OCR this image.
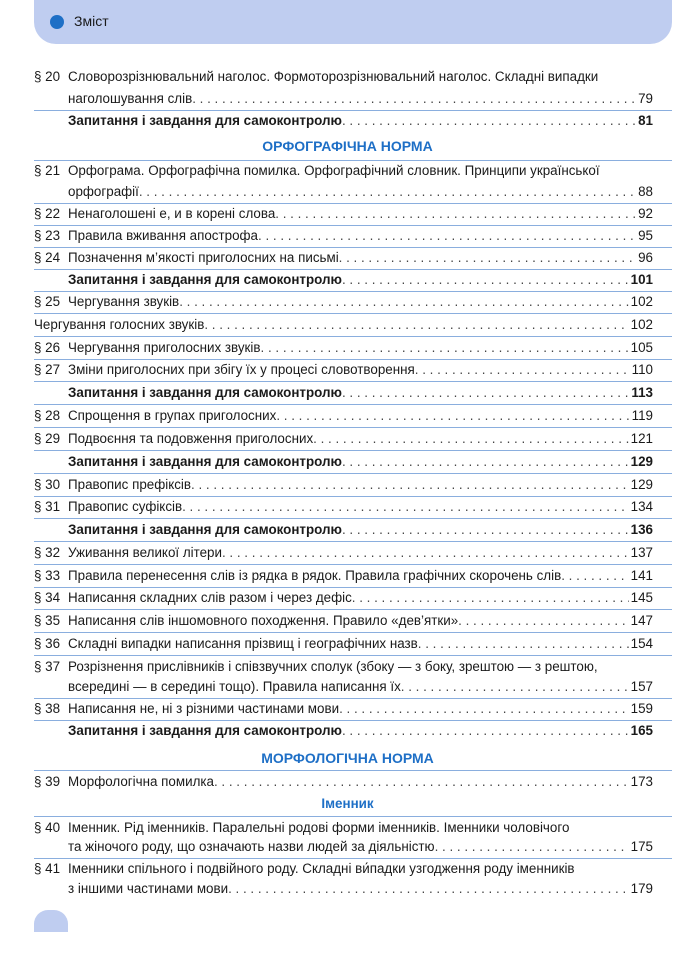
Зміст
§ 20 Словорозрізнювальний наголос. Формоторозрізнювальний наголос. Складні випадки
наголошування слів . . .	79
Запитання і завдання для самоконтролю . . .	81
ОРФОГРАФІЧНА НОРМА
§ 21 Орфограма. Орфографічна помилка. Орфографічний словник. Принципи української
орфографії . . .	88
§ 22 Ненаголошені е, и в корені слова . . .	92
§ 23 Правила вживання апострофа . . .	95
§ 24 Позначення м’якості приголосних на письмі . . .	96
Запитання і завдання для самоконтролю . . .	101
§ 25 Чергування звуків . . .	102
Чергування голосних звуків . . .	102
§ 26 Чергування приголосних звуків . . .	105
§ 27 Зміни приголосних при збігу їх у процесі словотворення . . .	110
Запитання і завдання для самоконтролю . . .	113
§ 28 Спрощення в групах приголосних . . .	119
§ 29 Подвоєння та подовження приголосних . . .	121
Запитання і завдання для самоконтролю . . .	129
§ 30 Правопис префіксів . . .	129
§ 31 Правопис суфіксів . . .	134
Запитання і завдання для самоконтролю . . .	136
§ 32 Уживання великої літери . . .	137
§ 33 Правила перенесення слів із рядка в рядок. Правила графічних скорочень слів . . .	141
§ 34 Написання складних слів разом і через дефіс . . .	145
§ 35 Написання слів іншомовного походження. Правило «дев’ятки» . . .	147
§ 36 Складні випадки написання прізвищ і географічних назв . . .	154
§ 37 Розрізнення прислівників і співзвучних сполук (збоку — з боку, зрештою — з рештою,
всередині — в середині тощо). Правила написання їх . . .	157
§ 38 Написання не, ні з різними частинами мови . . .	159
Запитання і завдання для самоконтролю . . .	165
МОРФОЛОГІЧНА НОРМА
§ 39 Морфологічна помилка . . .	173
Іменник
§ 40 Іменник. Рід іменників. Паралельні родові форми іменників. Іменники чоловічого
та жіночого роду, що означають назви людей за діяльністю . . .	175
§ 41 Іменники спільного і подвійного роду. Складні ви́падки узгодження роду іменників
з іншими частинами мови . . .	179
